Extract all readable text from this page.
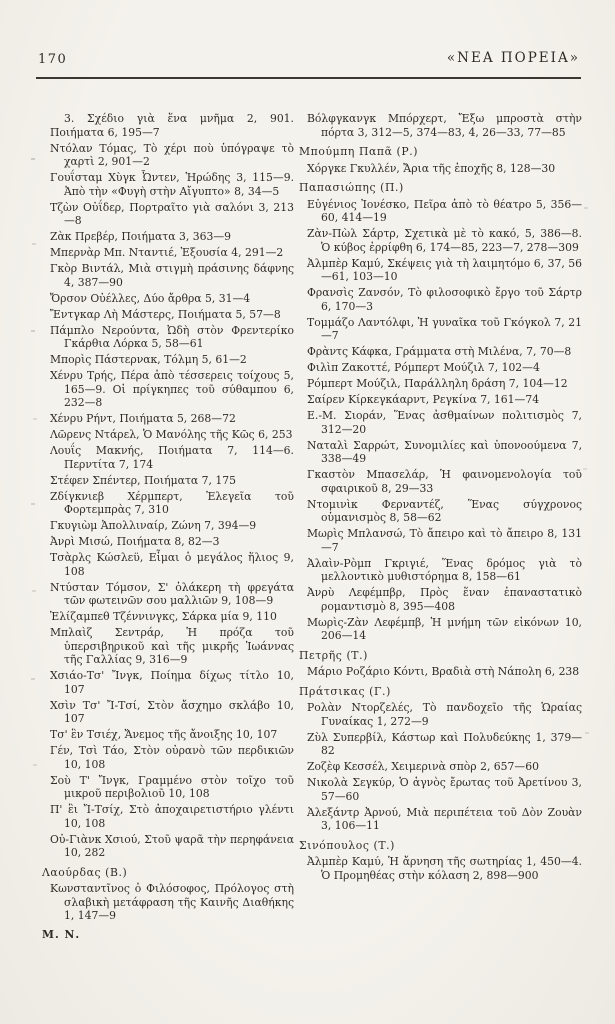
170	«ΝΕΑ ΠΟΡΕΙΑ»

3. Σχέδιο γιὰ ἕνα μνῆμα 2, 901. Ποιήματα 6, 195—7

Ντόλαν Τόμας, Τὸ χέρι ποὺ ὑπόγραψε τὸ χαρτὶ 2, 901—2

Γουΐσταμ Χὺγκ Ὦντεν, Ἡρώδης 3, 115—9. Ἀπὸ τὴν «Φυγὴ στὴν Αἴγυπτο» 8, 34—5

Τζὼν Οὐΐδερ, Πορτραῖτο γιὰ σαλόνι 3, 213—8

Ζὰκ Πρεβέρ, Ποιήματα 3, 363—9

Μπερνὰρ Μπ. Νταντιέ, Ἐξουσία 4, 291—2

Γκὸρ Βιντάλ, Μιὰ στιγμὴ πράσινης δάφνης 4, 387—90

Ὄρσον Οὐέλλες, Δύο ἄρθρα 5, 31—4

Ἔντγκαρ Λὴ Μάστερς, Ποιήματα 5, 57—8

Πάμπλο Νερούντα, Ὠδὴ στὸν Φρεντερίκο Γκάρθια Λόρκα 5, 58—61

Μπορὶς Πάστερνακ, Τόλμη 5, 61—2

Χένρυ Τρής, Πέρα ἀπὸ τέσσερεις τοίχους 5, 165—9. Οἱ πρίγκηπες τοῦ σύθαμπου 6, 232—8

Χένρυ Ρήντ, Ποιήματα 5, 268—72

Λῶρενς Ντάρελ, Ὁ Μανόλης τῆς Κῶς 6, 253

Λουΐς Μακνής, Ποιήματα 7, 114—6. Περντίτα 7, 174

Στέφεν Σπέντερ, Ποιήματα 7, 175

Ζδίγκνιεβ Χέρμπερτ, Ἐλεγεῖα τοῦ Φορτεμπρὰς 7, 310

Γκυγιὼμ Ἀπολλιναίρ, Ζώνη 7, 394—9

Ἀνρὶ Μισώ, Ποιήματα 8, 82—3

Τσὰρλς Κώσλεϋ, Εἶμαι ὁ μεγάλος ἥλιος 9, 108

Ντύσταν Τόμσον, Σ' ὁλάκερη τὴ φρεγάτα τῶν φωτεινῶν σου μαλλιῶν 9, 108—9

Ἐλίζαμπεθ Τζέννινγκς, Σάρκα μία 9, 110

Μπλαὶζ Σεντράρ, Ἡ πρόζα τοῦ ὑπερσιβηρικοῦ καὶ τῆς μικρῆς Ἰωάννας τῆς Γαλλίας 9, 316—9

Χσιάο-Τσ' Ἴνγκ, Ποίημα δίχως τίτλο 10, 107

Χσὶν Τσ' Ἴ-Τσί, Στὸν ἄσχημο σκλάβο 10, 107

Τσ' ἓν Τσιέχ, Ἄνεμος τῆς ἄνοιξης 10, 107

Γέν, Τσὶ Τάο, Στὸν οὐρανὸ τῶν περδικιῶν 10, 108

Σοὺ Τ' Ἴνγκ, Γραμμένο στὸν τοῖχο τοῦ μικροῦ περιβολιοῦ 10, 108

Π' ἓι Ἴ-Τσίχ, Στὸ ἀποχαιρετιστήριο γλέντι 10, 108

Οὐ-Γιὰνκ Χσιού, Στοῦ ψαρᾶ τὴν περηφάνεια 10, 282

Λαούρδας (Β.)

Κωνσταντῖνος ὁ Φιλόσοφος, Πρόλογος στὴ σλαβικὴ μετάφραση τῆς Καινῆς Διαθήκης 1, 147—9

Μ. Ν.

Βόλφγκανγκ Μπόρχερτ, Ἔξω μπροστὰ στὴν πόρτα 3, 312—5, 374—83, 4, 26—33, 77—85

Μπούμπη Παπᾶ (Ρ.)

Χόργκε Γκυλλέν, Ἄρια τῆς ἐποχῆς 8, 128—30

Παπασιώπης (Π.)

Εὐγένιος Ἰονέσκο, Πεῖρα ἀπὸ τὸ θέατρο 5, 356—60, 414—19

Ζὰν-Πὼλ Σάρτρ, Σχετικὰ μὲ τὸ κακό, 5, 386—8. Ὁ κύβος ἐρρίφθη 6, 174—85, 223—7, 278—309

Ἀλμπὲρ Καμύ, Σκέψεις γιὰ τὴ λαιμητόμο 6, 37, 56—61, 103—10

Φρανσὶς Ζανσόν, Τὸ φιλοσοφικὸ ἔργο τοῦ Σάρτρ 6, 170—3

Τομμάζο Λαντόλφι, Ἡ γυναῖκα τοῦ Γκόγκολ 7, 21—7

Φρὰντς Κάφκα, Γράμματα στὴ Μιλένα, 7, 70—8

Φιλὶπ Ζακοττέ, Ρόμπερτ Μούζιλ 7, 102—4

Ρόμπερτ Μούζιλ, Παράλληλη δράση 7, 104—12

Σαίρεν Κίρκεγκάαρντ, Ρεγκίνα 7, 161—74

Ε.-Μ. Σιοράν, Ἕνας ἀσθμαίνων πολιτισμὸς 7, 312—20

Ναταλὶ Σαρρώτ, Συνομιλίες καὶ ὑπονοούμενα 7, 338—49

Γκαστὸν Μπασελάρ, Ἡ φαινομενολογία τοῦ σφαιρικοῦ 8, 29—33

Ντομινὶκ Φερναντέζ, Ἕνας σύγχρονος οὑμανισμὸς 8, 58—62

Μωρὶς Μπλανσώ, Τὸ ἄπειρο καὶ τὸ ἄπειρο 8, 131—7

Ἀλαὶν-Ρὸμπ Γκριγιέ, Ἕνας δρόμος γιὰ τὸ μελλοντικὸ μυθιστόρημα 8, 158—61

Ἀνρὺ Λεφέμπβρ, Πρὸς ἕναν ἐπαναστατικὸ ρομαντισμὸ 8, 395—408

Μωρὶς-Ζὰν Λεφέμπβ, Ἡ μνήμη τῶν εἰκόνων 10, 206—14

Πετρῆς (Τ.)

Μάριο Ροζάριο Κόντι, Βραδιὰ στὴ Νάπολη 6, 238

Πράτσικας (Γ.)

Ρολὰν Ντορζελές, Τὸ πανδοχεῖο τῆς Ὡραίας Γυναίκας 1, 272—9

Ζὺλ Συπερβίλ, Κάστωρ καὶ Πολυδεύκης 1, 379—82

Ζοζὲφ Κεσσέλ, Χειμερινὰ σπὸρ 2, 657—60

Νικολὰ Σεγκύρ, Ὁ ἁγνὸς ἔρωτας τοῦ Ἀρετίνου 3, 57—60

Ἀλεξάντρ Ἀρνού, Μιὰ περιπέτεια τοῦ Δὸν Ζουὰν 3, 106—11

Σινόπουλος (Τ.)

Ἀλμπὲρ Καμύ, Ἡ ἄρνηση τῆς σωτηρίας 1, 450—4. Ὁ Προμηθέας στὴν κόλαση 2, 898—900
